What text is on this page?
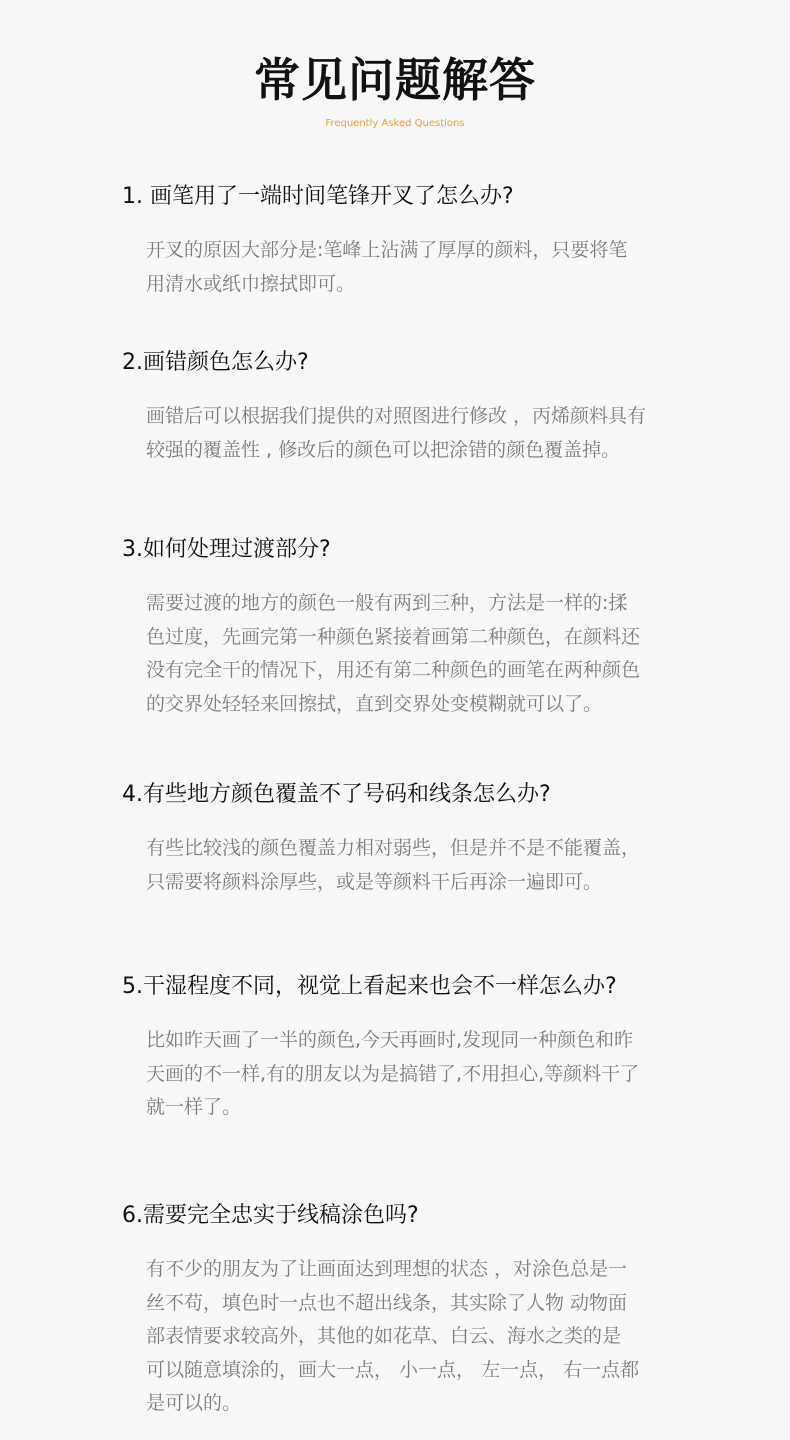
常见问题解答
Frequently Asked Questions
1. 画笔用了一端时间笔锋开叉了怎么办?
开叉的原因大部分是:笔峰上沾满了厚厚的颜料，只要将笔
用清水或纸巾擦拭即可。
2.画错颜色怎么办?
画错后可以根据我们提供的对照图进行修改 ，丙烯颜料具有
较强的覆盖性 , 修改后的颜色可以把涂错的颜色覆盖掉。
3.如何处理过渡部分?
需要过渡的地方的颜色一般有两到三种，方法是一样的:揉
色过度，先画完第一种颜色紧接着画第二种颜色，在颜料还
没有完全干的情况下，用还有第二种颜色的画笔在两种颜色
的交界处轻轻来回擦拭，直到交界处变模糊就可以了。
4.有些地方颜色覆盖不了号码和线条怎么办?
有些比较浅的颜色覆盖力相对弱些，但是并不是不能覆盖，
只需要将颜料涂厚些，或是等颜料干后再涂一遍即可。
5.干湿程度不同，视觉上看起来也会不一样怎么办?
比如昨天画了一半的颜色,今天再画时,发现同一种颜色和昨
天画的不一样,有的朋友以为是搞错了,不用担心,等颜料干了
就一样了。
6.需要完全忠实于线稿涂色吗?
有不少的朋友为了让画面达到理想的状态 ，对涂色总是一
丝不苟，填色时一点也不超出线条，其实除了人物 动物面
部表情要求较高外，其他的如花草、白云、海水之类的是
可以随意填涂的，画大一点， 小一点， 左一点， 右一点都
是可以的。
